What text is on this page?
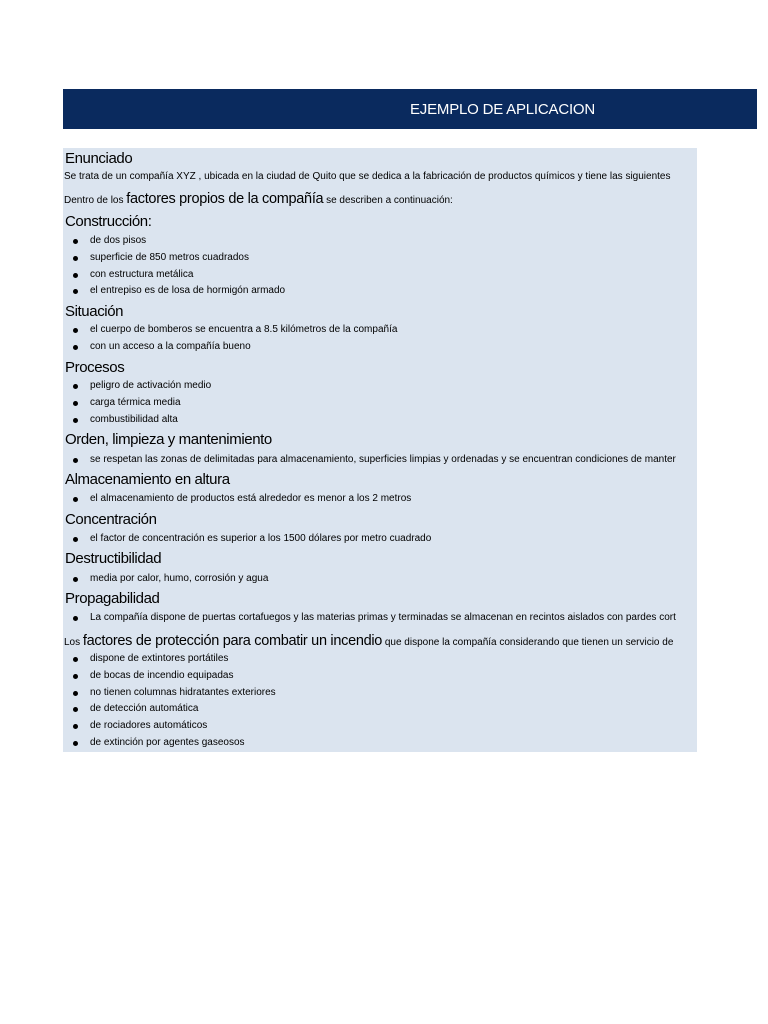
EJEMPLO DE APLICACION
Enunciado
Se trata de un compañía XYZ , ubicada en la ciudad de Quito que se dedica a la fabricación de productos químicos y tiene las siguientes
Dentro de los factores propios de la compañía se describen a continuación:
Construcción:
de dos pisos
superficie de 850 metros cuadrados
con estructura metálica
el entrepiso es de losa de hormigón armado
Situación
el cuerpo de bomberos se encuentra a 8.5 kilómetros de la compañía
con un acceso a la compañía bueno
Procesos
peligro de activación medio
carga térmica media
combustibilidad alta
Orden, limpieza y mantenimiento
se respetan las zonas de delimitadas para almacenamiento, superficies limpias y ordenadas y se encuentran condiciones de manter
Almacenamiento en altura
el almacenamiento de productos está alrededor es menor a los 2 metros
Concentración
el factor de concentración es superior a los 1500 dólares por metro cuadrado
Destructibilidad
media por calor, humo, corrosión y agua
Propagabilidad
La compañía dispone de puertas cortafuegos y las materias primas y terminadas se almacenan en recintos aislados con pardes cort
Los factores de protección para combatir un incendio que dispone la compañía considerando que tienen un servicio de
dispone de extintores portátiles
de bocas de incendio equipadas
no tienen columnas hidratantes exteriores
de detección automática
de rociadores automáticos
de extinción por agentes gaseosos
